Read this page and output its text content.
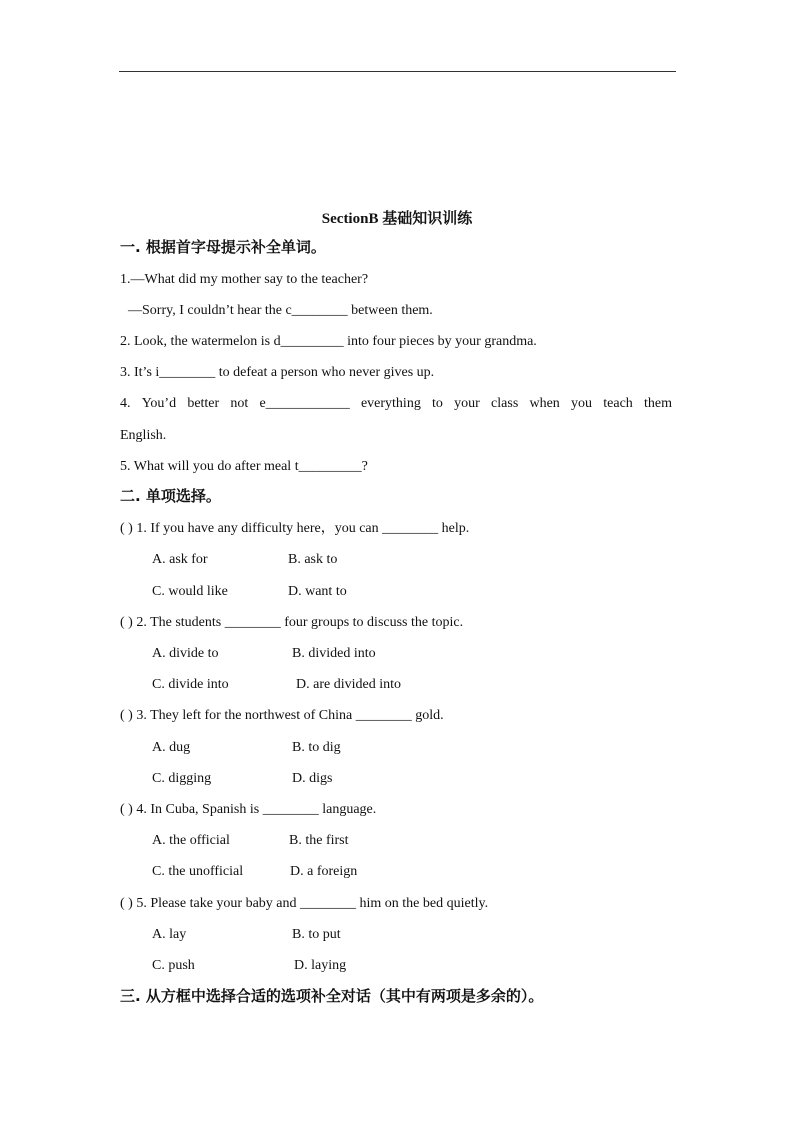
SectionB 基础知识训练
一. 根据首字母提示补全单词。
1.—What did my mother say to the teacher?
—Sorry, I couldn’t hear the c________ between them.
2. Look, the watermelon is d_________ into four pieces by your grandma.
3. It’s i________ to defeat a person who never gives up.
4. You’d better not e____________ everything to your class when you teach them
English.
5. What will you do after meal t_________?
二. 单项选择。
( ) 1. If you have any difficulty here，you can ________ help.
A. ask for	B. ask to
C. would like	D. want to
( ) 2. The students ________ four groups to discuss the topic.
A. divide to	B. divided into
C. divide into	D. are divided into
( ) 3. They left for the northwest of China ________ gold.
A. dug	B. to dig
C. digging	D. digs
( ) 4. In Cuba, Spanish is ________ language.
A. the official	B. the first
C. the unofficial	D. a foreign
( ) 5. Please take your baby and ________ him on the bed quietly.
A. lay	B. to put
C. push	D. laying
三. 从方框中选择合适的选项补全对话（其中有两项是多余的）。
